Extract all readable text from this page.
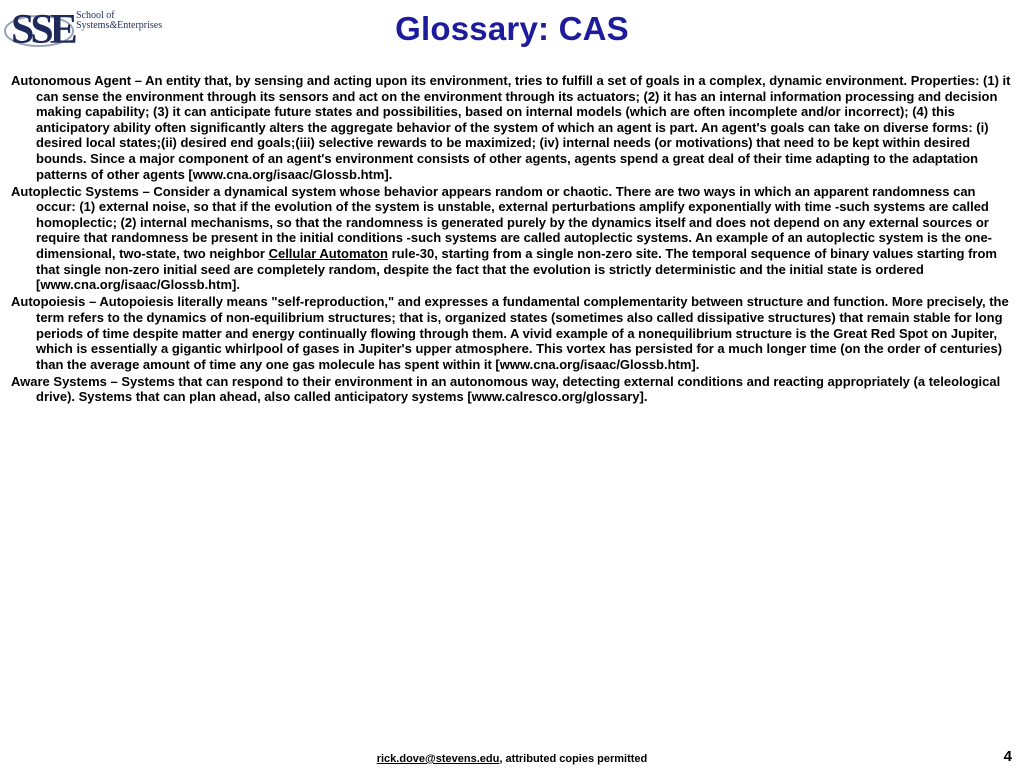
SSE School of
Systems&Enterprises	Glossary: CAS

Autonomous Agent – An entity that, by sensing and acting upon its environment, tries to fulfill a set of goals in a complex, dynamic environment. Properties: (1) it can sense the environment through its sensors and act on the environment through its actuators; (2) it has an internal information processing and decision making capability; (3) it can anticipate future states and possibilities, based on internal models (which are often incomplete and/or incorrect); (4) this anticipatory ability often significantly alters the aggregate behavior of the system of which an agent is part. An agent's goals can take on diverse forms: (i) desired local states;(ii) desired end goals;(iii) selective rewards to be maximized; (iv) internal needs (or motivations) that need to be kept within desired bounds. Since a major component of an agent's environment consists of other agents, agents spend a great deal of their time adapting to the adaptation patterns of other agents [www.cna.org/isaac/Glossb.htm].

Autoplectic Systems – Consider a dynamical system whose behavior appears random or chaotic. There are two ways in which an apparent randomness can occur: (1) external noise, so that if the evolution of the system is unstable, external perturbations amplify exponentially with time -such systems are called homoplectic; (2) internal mechanisms, so that the randomness is generated purely by the dynamics itself and does not depend on any external sources or require that randomness be present in the initial conditions -such systems are called autoplectic systems. An example of an autoplectic system is the one-dimensional, two-state, two neighbor Cellular Automaton rule-30, starting from a single non-zero site. The temporal sequence of binary values starting from that single non-zero initial seed are completely random, despite the fact that the evolution is strictly deterministic and the initial state is ordered [www.cna.org/isaac/Glossb.htm].

Autopoiesis – Autopoiesis literally means "self-reproduction," and expresses a fundamental complementarity between structure and function. More precisely, the term refers to the dynamics of non-equilibrium structures; that is, organized states (sometimes also called dissipative structures) that remain stable for long periods of time despite matter and energy continually flowing through them. A vivid example of a nonequilibrium structure is the Great Red Spot on Jupiter, which is essentially a gigantic whirlpool of gases in Jupiter's upper atmosphere. This vortex has persisted for a much longer time (on the order of centuries) than the average amount of time any one gas molecule has spent within it [www.cna.org/isaac/Glossb.htm].

Aware Systems – Systems that can respond to their environment in an autonomous way, detecting external conditions and reacting appropriately (a teleological drive). Systems that can plan ahead, also called anticipatory systems [www.calresco.org/glossary].

rick.dove@stevens.edu, attributed copies permitted	4
